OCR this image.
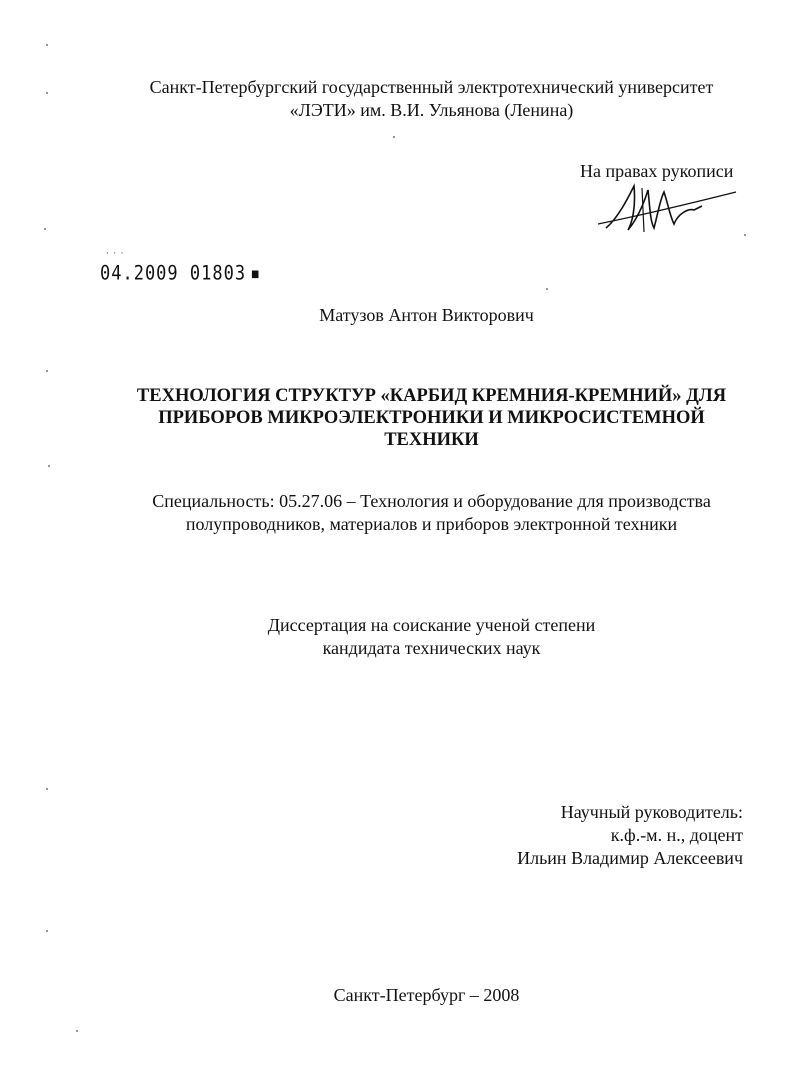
Санкт-Петербургский государственный электротехнический университет
«ЛЭТИ» им. В.И. Ульянова (Ленина)
На правах рукописи
· · ·
04.2009 01803 ▪
Матузов Антон Викторович
ТЕХНОЛОГИЯ СТРУКТУР «КАРБИД КРЕМНИЯ-КРЕМНИЙ» ДЛЯ
ПРИБОРОВ МИКРОЭЛЕКТРОНИКИ И МИКРОСИСТЕМНОЙ
ТЕХНИКИ
Специальность: 05.27.06 – Технология и оборудование для производства
полупроводников, материалов и приборов электронной техники
Диссертация на соискание ученой степени
кандидата технических наук
Научный руководитель:
к.ф.-м. н., доцент
Ильин Владимир Алексеевич
Санкт-Петербург – 2008
